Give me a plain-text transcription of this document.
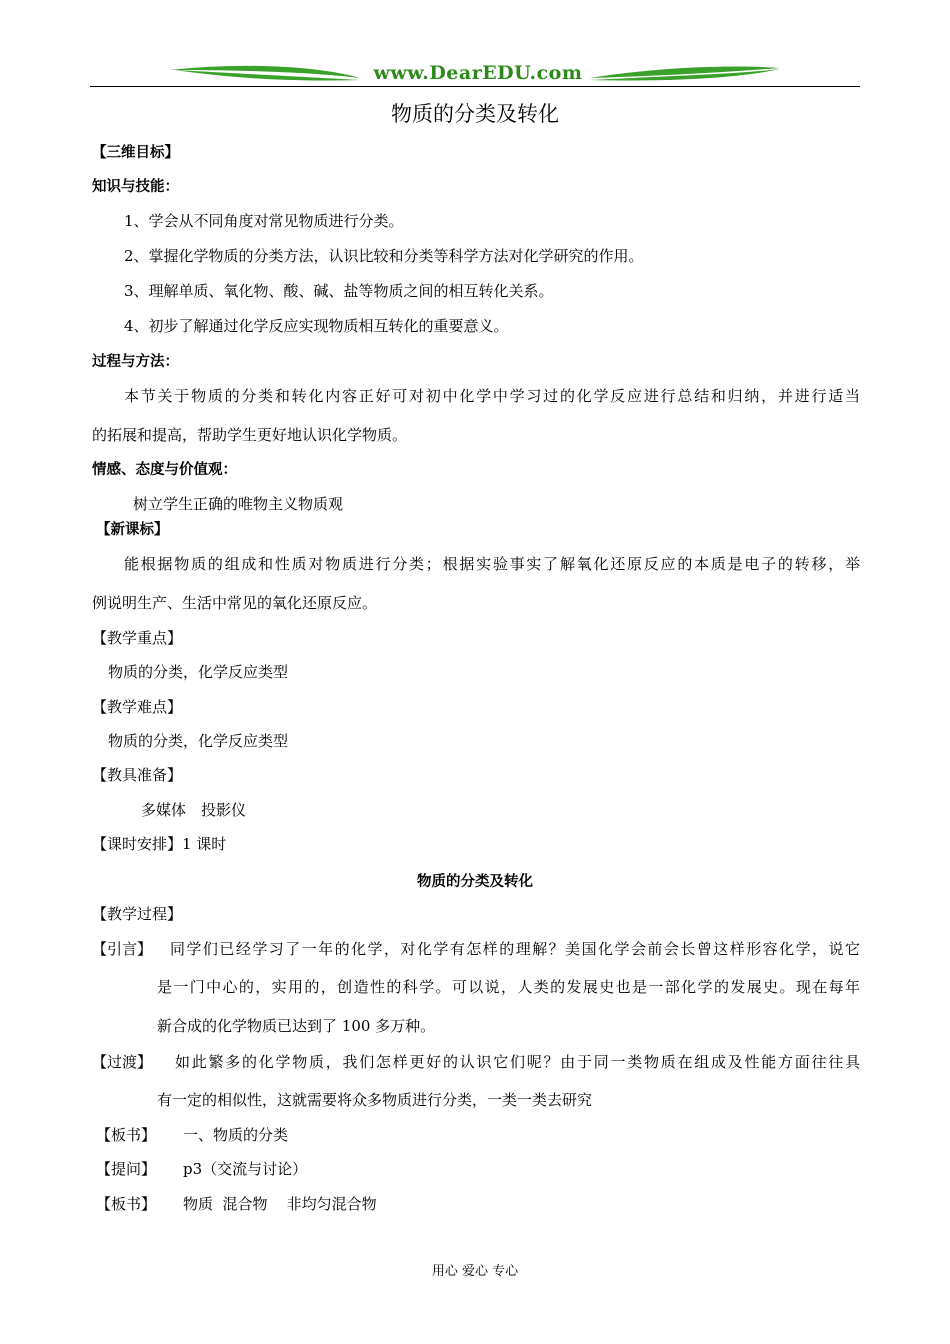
www.DearEDU.com
物质的分类及转化
【三维目标】
知识与技能：
1、学会从不同角度对常见物质进行分类。
2、掌握化学物质的分类方法，认识比较和分类等科学方法对化学研究的作用。
3、理解单质、氧化物、酸、碱、盐等物质之间的相互转化关系。
4、初步了解通过化学反应实现物质相互转化的重要意义。
过程与方法：
本节关于物质的分类和转化内容正好可对初中化学中学习过的化学反应进行总结和归纳，并进行适当
的拓展和提高，帮助学生更好地认识化学物质。
情感、态度与价值观：
树立学生正确的唯物主义物质观
【新课标】
能根据物质的组成和性质对物质进行分类；根据实验事实了解氧化还原反应的本质是电子的转移，举
例说明生产、生活中常见的氧化还原反应。
【教学重点】
物质的分类，化学反应类型
【教学难点】
物质的分类，化学反应类型
【教具准备】
多媒体　投影仪
【课时安排】1 课时
物质的分类及转化
【教学过程】
【引言】 同学们已经学习了一年的化学，对化学有怎样的理解？美国化学会前会长曾这样形容化学，说它
是一门中心的，实用的，创造性的科学。可以说，人类的发展史也是一部化学的发展史。现在每年
新合成的化学物质已达到了 100 多万种。
【过渡】 如此繁多的化学物质，我们怎样更好的认识它们呢？由于同一类物质在组成及性能方面往往具
有一定的相似性，这就需要将众多物质进行分类，一类一类去研究
【板书】 一、物质的分类
【提问】 p3（交流与讨论）
【板书】 物质  混合物    非均匀混合物
用心 爱心 专心
